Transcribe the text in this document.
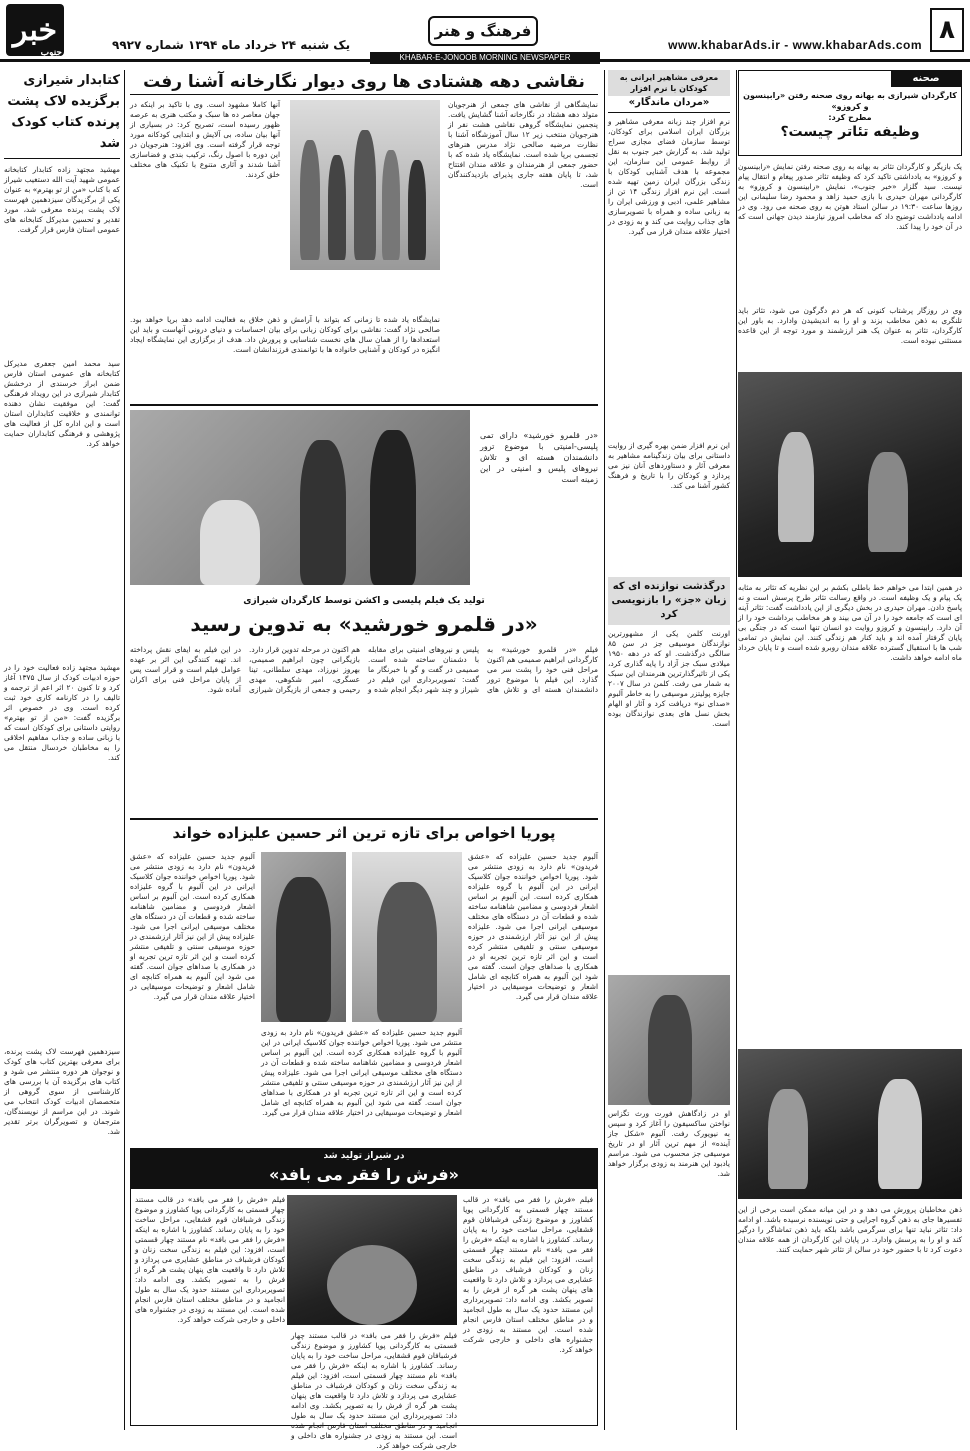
۸
www.khabarAds.ir - www.khabarAds.com
فرهنگ و هنر
یک شنبه ۲۴ خرداد ماه ۱۳۹۴ شماره ۹۹۲۷
خبر
جنوب	KHABAR-E-JONOOB MORNING NEWSPAPER
صحنه
کارگردان شیرازی به بهانه روی صحنه رفتن «رابینسون و کروزو»
مطرح کرد:
وظیفه تئاتر چیست؟
یک بازیگر و کارگردان تئاتر به بهانه به روی صحنه رفتن نمایش «رابینسون و کروزو» به یادداشتی تاکید کرد که وظیفه تئاتر صدور پیغام و انتقال پیام نیست. سید گلزار «خبر جنوب»، نمایش «رابینسون و کروزو» به کارگردانی مهران حیدری با بازی حمید زاهد و محمود رضا سلیمانی این روزها ساعت ۱۹:۳۰ در سالن استاد هوتن به روی صحنه می رود. وی در ادامه یادداشت توضیح داد که مخاطب امروز نیازمند دیدن جهانی است که در آن خود را پیدا کند.
وی در روزگار پرشتاب کنونی که هر دم دگرگون می شود، تئاتر باید تلنگری به ذهن مخاطب بزند و او را به اندیشیدن وادارد. به باور این کارگردان، تئاتر به عنوان یک هنر ارزشمند و مورد توجه از این قاعده مستثنی نبوده است.
در همین ابتدا می خواهم خط باطلی بکشم بر این نظریه که تئاتر به مثابه یک پیام و یک وظیفه است. در واقع رسالت تئاتر طرح پرسش است و نه پاسخ دادن. مهران حیدری در بخش دیگری از این یادداشت گفت: تئاتر آینه ای است که جامعه خود را در آن می بیند و هر مخاطب برداشت خود را از آن دارد. رابینسون و کروزو روایت دو انسان تنها است که در جنگی بی پایان گرفتار آمده اند و باید کنار هم زندگی کنند. این نمایش در تمامی شب ها با استقبال گسترده علاقه مندان روبرو شده است و تا پایان خرداد ماه ادامه خواهد داشت.
ذهن مخاطبان پرورش می دهد و در این میانه ممکن است برخی از این تفسیرها جای به ذهن گروه اجرایی و حتی نویسنده نرسیده باشد. او ادامه داد: تئاتر نباید تنها برای سرگرمی باشد بلکه باید ذهن تماشاگر را درگیر کند و او را به پرسش وادارد. در پایان این کارگردان از همه علاقه مندان دعوت کرد تا با حضور خود در سالن از تئاتر شهر حمایت کنند.
معرفی مشاهیر ایرانی به کودکان با نرم افزار
«مردان ماندگار»
نرم افزار چند زبانه معرفی مشاهیر و بزرگان ایران اسلامی برای کودکان، توسط سازمان فضای مجازی سراج تولید شد. به گزارش خبر جنوب به نقل از روابط عمومی این سازمان، این مجموعه با هدف آشنایی کودکان با زندگی بزرگان ایران زمین تهیه شده است. این نرم افزار زندگی ۱۴ تن از مشاهیر علمی، ادبی و ورزشی ایران را به زبانی ساده و همراه با تصویرسازی های جذاب روایت می کند و به زودی در اختیار علاقه مندان قرار می گیرد.
این نرم افزار ضمن بهره گیری از روایت داستانی برای بیان زندگینامه مشاهیر به معرفی آثار و دستاوردهای آنان نیز می پردازد و کودکان را با تاریخ و فرهنگ کشور آشنا می کند.
درگذشت نوازنده ای که زبان «جز» را بازنویسی کرد
اورنت کلمن یکی از مشهورترین نوازندگان موسیقی جز در سن ۸۵ سالگی درگذشت. او که در دهه ۱۹۵۰ میلادی سبک جز آزاد را پایه گذاری کرد، یکی از تاثیرگذارترین هنرمندان این سبک به شمار می رفت. کلمن در سال ۲۰۰۷ جایزه پولیتزر موسیقی را به خاطر آلبوم «صدای نو» دریافت کرد و آثار او الهام بخش نسل های بعدی نوازندگان بوده است.
او در زادگاهش فورت ورث تگزاس نواختن ساکسیفون را آغاز کرد و سپس به نیویورک رفت. آلبوم «شکل جاز آینده» از مهم ترین آثار او در تاریخ موسیقی جز محسوب می شود. مراسم یادبود این هنرمند به زودی برگزار خواهد شد.
نقاشی دهه هشتادی ها روی دیوار نگارخانه آشنا رفت
نمایشگاهی از نقاشی های جمعی از هنرجویان متولد دهه هشتاد در نگارخانه آشنا گشایش یافت. پنجمین نمایشگاه گروهی نقاشی هشت نفر از هنرجویان منتخب زیر ۱۲ سال آموزشگاه آشنا با نظارت مرضیه صالحی نژاد مدرس هنرهای تجسمی برپا شده است. نمایشگاه یاد شده که با حضور جمعی از هنرمندان و علاقه مندان افتتاح شد، تا پایان هفته جاری پذیرای بازدیدکنندگان است.
آنها کاملا مشهود است. وی با تاکید بر اینکه در جهان معاصر ده ها سبک و مکتب هنری به عرصه ظهور رسیده است، تصریح کرد: در بسیاری از آنها بیان ساده، بی آلایش و ابتدایی کودکانه مورد توجه قرار گرفته است. وی افزود: هنرجویان در این دوره با اصول رنگ، ترکیب بندی و فضاسازی آشنا شدند و آثاری متنوع با تکنیک های مختلف خلق کردند.
نمایشگاه یاد شده تا زمانی که بتواند با آرامش و ذهن خلاق به فعالیت ادامه دهد برپا خواهد بود. صالحی نژاد گفت: نقاشی برای کودکان زبانی برای بیان احساسات و دنیای درونی آنهاست و باید این استعدادها را از همان سال های نخست شناسایی و پرورش داد. هدف از برگزاری این نمایشگاه ایجاد انگیزه در کودکان و آشنایی خانواده ها با توانمندی فرزندانشان است.
«در قلمرو خورشید» دارای تمی پلیسی-امنیتی با موضوع ترور دانشمندان هسته ای و تلاش نیروهای پلیس و امنیتی در این زمینه است
تولید یک فیلم پلیسی و اکشن توسط کارگردان شیرازی
«در قلمرو خورشید» به تدوین رسید
فیلم «در قلمرو خورشید» به کارگردانی ابراهیم صمیمی هم اکنون مراحل فنی خود را پشت سر می گذارد. این فیلم با موضوع ترور دانشمندان هسته ای و تلاش های پلیس و نیروهای امنیتی برای مقابله با دشمنان ساخته شده است. صمیمی در گفت و گو با خبرنگار ما گفت: تصویربرداری این فیلم در شیراز و چند شهر دیگر انجام شده و هم اکنون در مرحله تدوین قرار دارد. بازیگرانی چون ابراهیم صمیمی، بهروز نورزاد، مهدی سلطانی، تینا عسگری، امیر شکوهی، مهدی رحیمی و جمعی از بازیگران شیرازی در این فیلم به ایفای نقش پرداخته اند. تهیه کنندگی این اثر بر عهده عوامل فیلم است و قرار است پس از پایان مراحل فنی برای اکران آماده شود.
پوریا اخواص برای تازه ترین اثر حسین علیزاده خواند
آلبوم جدید حسین علیزاده که «عشق فریدون» نام دارد به زودی منتشر می شود. پوریا اخواص خواننده جوان کلاسیک ایرانی در این آلبوم با گروه علیزاده همکاری کرده است. این آلبوم بر اساس اشعار فردوسی و مضامین شاهنامه ساخته شده و قطعات آن در دستگاه های مختلف موسیقی ایرانی اجرا می شود. علیزاده پیش از این نیز آثار ارزشمندی در حوزه موسیقی سنتی و تلفیقی منتشر کرده است و این اثر تازه ترین تجربه او در همکاری با صداهای جوان است. گفته می شود این آلبوم به همراه کتابچه ای شامل اشعار و توضیحات موسیقایی در اختیار علاقه مندان قرار می گیرد.
آلبوم جدید حسین علیزاده که «عشق فریدون» نام دارد به زودی منتشر می شود. پوریا اخواص خواننده جوان کلاسیک ایرانی در این آلبوم با گروه علیزاده همکاری کرده است. این آلبوم بر اساس اشعار فردوسی و مضامین شاهنامه ساخته شده و قطعات آن در دستگاه های مختلف موسیقی ایرانی اجرا می شود. علیزاده پیش از این نیز آثار ارزشمندی در حوزه موسیقی سنتی و تلفیقی منتشر کرده است و این اثر تازه ترین تجربه او در همکاری با صداهای جوان است. گفته می شود این آلبوم به همراه کتابچه ای شامل اشعار و توضیحات موسیقایی در اختیار علاقه مندان قرار می گیرد.
آلبوم جدید حسین علیزاده که «عشق فریدون» نام دارد به زودی منتشر می شود. پوریا اخواص خواننده جوان کلاسیک ایرانی در این آلبوم با گروه علیزاده همکاری کرده است. این آلبوم بر اساس اشعار فردوسی و مضامین شاهنامه ساخته شده و قطعات آن در دستگاه های مختلف موسیقی ایرانی اجرا می شود. علیزاده پیش از این نیز آثار ارزشمندی در حوزه موسیقی سنتی و تلفیقی منتشر کرده است و این اثر تازه ترین تجربه او در همکاری با صداهای جوان است. گفته می شود این آلبوم به همراه کتابچه ای شامل اشعار و توضیحات موسیقایی در اختیار علاقه مندان قرار می گیرد.
در شیراز تولید شد
«فرش را فقر می بافد»
فیلم «فرش را فقر می بافد» در قالب مستند چهار قسمتی به کارگردانی پویا کشاورز و موضوع زندگی فرشبافان قوم قشقایی، مراحل ساخت خود را به پایان رساند. کشاورز با اشاره به اینکه «فرش را فقر می بافد» نام مستند چهار قسمتی است، افزود: این فیلم به زندگی سخت زنان و کودکان فرشباف در مناطق عشایری می پردازد و تلاش دارد تا واقعیت های پنهان پشت هر گره از فرش را به تصویر بکشد. وی ادامه داد: تصویربرداری این مستند حدود یک سال به طول انجامید و در مناطق مختلف استان فارس انجام شده است. این مستند به زودی در جشنواره های داخلی و خارجی شرکت خواهد کرد.
فیلم «فرش را فقر می بافد» در قالب مستند چهار قسمتی به کارگردانی پویا کشاورز و موضوع زندگی فرشبافان قوم قشقایی، مراحل ساخت خود را به پایان رساند. کشاورز با اشاره به اینکه «فرش را فقر می بافد» نام مستند چهار قسمتی است، افزود: این فیلم به زندگی سخت زنان و کودکان فرشباف در مناطق عشایری می پردازد و تلاش دارد تا واقعیت های پنهان پشت هر گره از فرش را به تصویر بکشد. وی ادامه داد: تصویربرداری این مستند حدود یک سال به طول انجامید و در مناطق مختلف استان فارس انجام شده است. این مستند به زودی در جشنواره های داخلی و خارجی شرکت خواهد کرد.
فیلم «فرش را فقر می بافد» در قالب مستند چهار قسمتی به کارگردانی پویا کشاورز و موضوع زندگی فرشبافان قوم قشقایی، مراحل ساخت خود را به پایان رساند. کشاورز با اشاره به اینکه «فرش را فقر می بافد» نام مستند چهار قسمتی است، افزود: این فیلم به زندگی سخت زنان و کودکان فرشباف در مناطق عشایری می پردازد و تلاش دارد تا واقعیت های پنهان پشت هر گره از فرش را به تصویر بکشد. وی ادامه داد: تصویربرداری این مستند حدود یک سال به طول انجامید و در مناطق مختلف استان فارس انجام شده است. این مستند به زودی در جشنواره های داخلی و خارجی شرکت خواهد کرد.
کتابدار شیرازی برگزیده لاک پشت پرنده کتاب کودک شد
مهشید مجتهد زاده کتابدار کتابخانه عمومی شهید آیت الله دستغیب شیراز که با کتاب «من از تو بهترم» به عنوان یکی از برگزیدگان سیزدهمین فهرست لاک پشت پرنده معرفی شد، مورد تقدیر و تحسین مدیرکل کتابخانه های عمومی استان فارس قرار گرفت.
سید محمد امین جعفری مدیرکل کتابخانه های عمومی استان فارس ضمن ابراز خرسندی از درخشش کتابدار شیرازی در این رویداد فرهنگی گفت: این موفقیت نشان دهنده توانمندی و خلاقیت کتابداران استان است و این اداره کل از فعالیت های پژوهشی و فرهنگی کتابداران حمایت خواهد کرد.
مهشید مجتهد زاده فعالیت خود را در حوزه ادبیات کودک از سال ۱۳۷۵ آغاز کرد و تا کنون ۲۰ اثر اعم از ترجمه و تالیف را در کارنامه کاری خود ثبت کرده است. وی در خصوص اثر برگزیده گفت: «من از تو بهترم» روایتی داستانی برای کودکان است که با زبانی ساده و جذاب مفاهیم اخلاقی را به مخاطبان خردسال منتقل می کند.
سیزدهمین فهرست لاک پشت پرنده، برای معرفی بهترین کتاب های کودک و نوجوان هر دوره منتشر می شود و کتاب های برگزیده آن با بررسی های کارشناسی از سوی گروهی از متخصصان ادبیات کودک انتخاب می شوند. در این مراسم از نویسندگان، مترجمان و تصویرگران برتر تقدیر شد.
